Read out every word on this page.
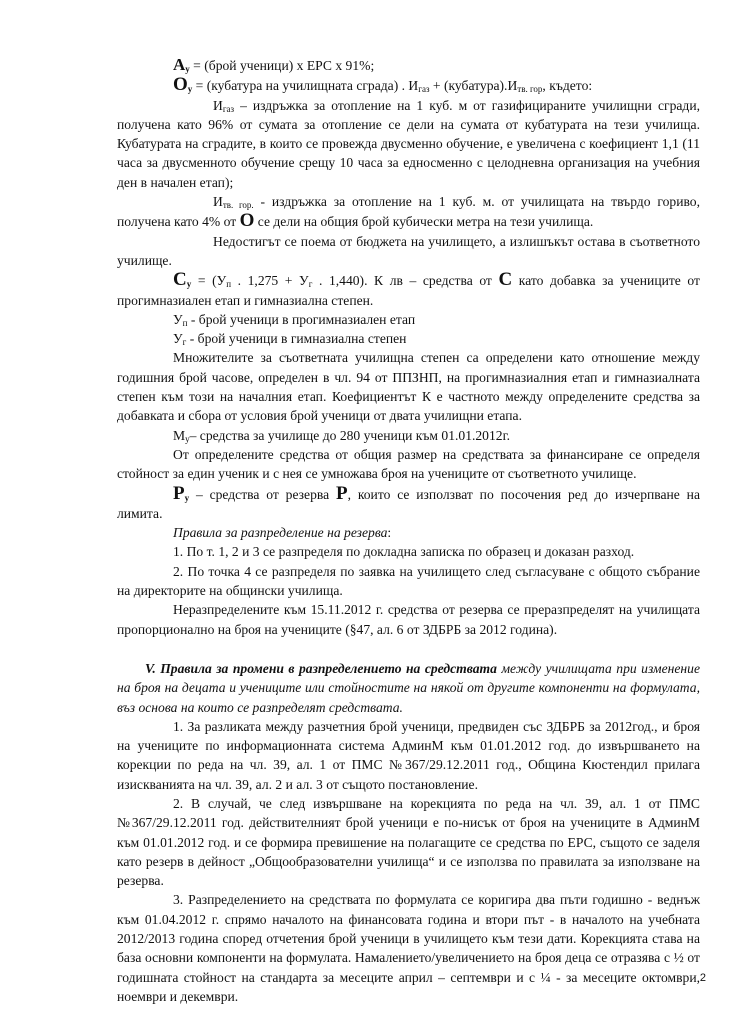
$А_у$ = (брой ученици) х ЕРС х 91%;

$О_у$ = (кубатура на училищната сграда) . $И_{газ}$ + $(кубатура).И_{тв. гор}$, където:

$И_{газ}$ – издръжка за отопление на 1 куб. м от газифицираните училищни сгради, получена като 96% от сумата за отопление се дели на сумата от кубатурата на тези училища. Кубатурата на сградите, в които се провежда двусменно обучение, е увеличена с коефициент 1,1 (11 часа за двусменното обучение срещу 10 часа за едносменно с целодневна организация на учебния ден в начален етап);

$И_{тв. гор.}$ - издръжка за отопление на 1 куб. м. от училищата на твърдо гориво, получена като 4% от О се дели на общия брой кубически метра на тези училища.

Недостигът се поема от бюджета на училището, а излишъкът остава в съответното училище.

$С_у = (У_п$ . $1,275 + У_г$ . 1,440). К лв – средства от С като добавка за учениците от прогимназиален етап и гимназиална степен.

$У_п$ - брой ученици в прогимназиален етап

$У_г$ - брой ученици в гимназиална степен

Множителите за съответната училищна степен са определени като отношение между годишния брой часове, определен в чл. 94 от ППЗНП, на прогимназиалния етап и гимназиалната степен към този на началния етап. Коефициентът К е частното между определените средства за добавката и сбора от условия брой ученици от двата училищни етапа.

$М_у-$ средства за училище до 280 ученици към 01.01.2012г.

От определените средства от общия размер на средствата за финансиране се определя стойност за един ученик и с нея се умножава броя на учениците от съответното училище.

$Р_у$ – средства от резерва Р, които се използват по посочения ред до изчерпване на лимита.

Правила за разпределение на резерва:

1. По т. 1, 2 и 3 се разпределя по докладна записка по образец и доказан разход.

2. По точка 4 се разпределя по заявка на училището след съгласуване с общото събрание на директорите на общински училища.

Неразпределените към 15.11.2012 г. средства от резерва се преразпределят на училищата пропорционално на броя на учениците (§47, ал. 6 от ЗДБРБ за 2012 година).

V. Правила за промени в разпределението на средствата между училищата при изменение на броя на децата и учениците или стойностите на някой от другите компоненти на формулата, въз основа на които се разпределят средствата.

1. За разликата между разчетния брой ученици, предвиден със ЗДБРБ за 2012год., и броя на учениците по информационната система АдминМ към 01.01.2012 год. до извършването на корекции по реда на чл. 39, ал. 1 от ПМС №367/29.12.2011 год., Община Кюстендил прилага изискванията на чл. 39, ал. 2 и ал. 3 от същото постановление.

2. В случай, че след извършване на корекцията по реда на чл. 39, ал. 1 от ПМС №367/29.12.2011 год. действителният брой ученици е по-нисък от броя на учениците в АдминМ към 01.01.2012 год. и се формира превишение на полагащите се средства по ЕРС, същото се заделя като резерв в дейност „Общообразователни училища“ и се използва по правилата за използване на резерва.

3. Разпределението на средствата по формулата се коригира два пъти годишно - веднъж към 01.04.2012 г. спрямо началото на финансовата година и втори път - в началото на учебната 2012/2013 година според отчетения брой ученици в училището към тези дати. Корекцията става на база основни компоненти на формулата. Намалението/увеличението на броя деца се отразява с ½ от годишната стойност на стандарта за месеците април – септември и с ¼ - за месеците октомври, ноември и декември.

2
